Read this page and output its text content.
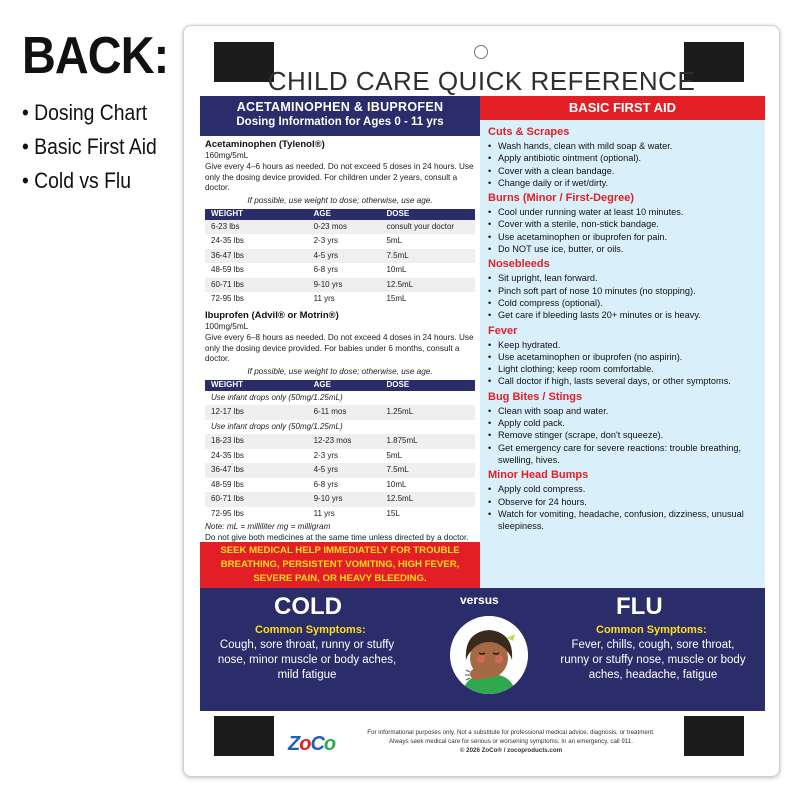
BACK:
• Dosing Chart
• Basic First Aid
• Cold vs Flu
CHILD CARE QUICK REFERENCE
ACETAMINOPHEN & IBUPROFEN
Dosing Information for Ages 0 - 11 yrs
Acetaminophen (Tylenol®)
160mg/5mL
Give every 4–6 hours as needed. Do not exceed 5 doses in 24 hours. Use only the dosing device provided. For children under 2 years, consult a doctor.
If possible, use weight to dose; otherwise, use age.
WEIGHT	AGE	DOSE
6-23 lbs	0-23 mos	consult your doctor
24-35 lbs	2-3 yrs	5mL
36-47 lbs	4-5 yrs	7.5mL
48-59 lbs	6-8 yrs	10mL
60-71 lbs	9-10 yrs	12.5mL
72-95 lbs	11 yrs	15mL
Ibuprofen (Advil® or Motrin®)
100mg/5mL
Give every 6–8 hours as needed. Do not exceed 4 doses in 24 hours. Use only the dosing device provided. For babies under 6 months, consult a doctor.
If possible, use weight to dose; otherwise, use age.
WEIGHT	AGE	DOSE
Use infant drops only (50mg/1.25mL)		
12-17 lbs	6-11 mos	1.25mL
Use infant drops only (50mg/1.25mL)		
18-23 lbs	12-23 mos	1.875mL
24-35 lbs	2-3 yrs	5mL
36-47 lbs	4-5 yrs	7.5mL
48-59 lbs	6-8 yrs	10mL
60-71 lbs	9-10 yrs	12.5mL
72-95 lbs	11 yrs	15L
Note: mL = milliliter mg = milligram
Do not give both medicines at the same time unless directed by a doctor.
SEEK MEDICAL HELP IMMEDIATELY FOR TROUBLE BREATHING, PERSISTENT VOMITING, HIGH FEVER, SEVERE PAIN, OR HEAVY BLEEDING.
BASIC FIRST AID
Cuts & Scrapes
• Wash hands, clean with mild soap & water.
• Apply antibiotic ointment (optional).
• Cover with a clean bandage.
• Change daily or if wet/dirty.
Burns (Minor / First-Degree)
• Cool under running water at least 10 minutes.
• Cover with a sterile, non-stick bandage.
• Use acetaminophen or ibuprofen for pain.
• Do NOT use ice, butter, or oils.
Nosebleeds
• Sit upright, lean forward.
• Pinch soft part of nose 10 minutes (no stopping).
• Cold compress (optional).
• Get care if bleeding lasts 20+ minutes or is heavy.
Fever
• Keep hydrated.
• Use acetaminophen or ibuprofen (no aspirin).
• Light clothing; keep room comfortable.
• Call doctor if high, lasts several days, or other symptoms.
Bug Bites / Stings
• Clean with soap and water.
• Apply cold pack.
• Remove stinger (scrape, don't squeeze).
• Get emergency care for severe reactions: trouble breathing, swelling, hives.
Minor Head Bumps
• Apply cold compress.
• Observe for 24 hours.
• Watch for vomiting, headache, confusion, dizziness, unusual sleepiness.
COLD	versus	FLU
Common Symptoms:
Cough, sore throat, runny or stuffy nose, minor muscle or body aches, mild fatigue
Common Symptoms:
Fever, chills, cough, sore throat, runny or stuffy nose, muscle or body aches, headache, fatigue
ZoCo
For informational purposes only. Not a substitute for professional medical advice, diagnosis, or treatment.
Always seek medical care for serious or worsening symptoms. In an emergency, call 911.
© 2026 ZoCo® / zocoproducts.com
